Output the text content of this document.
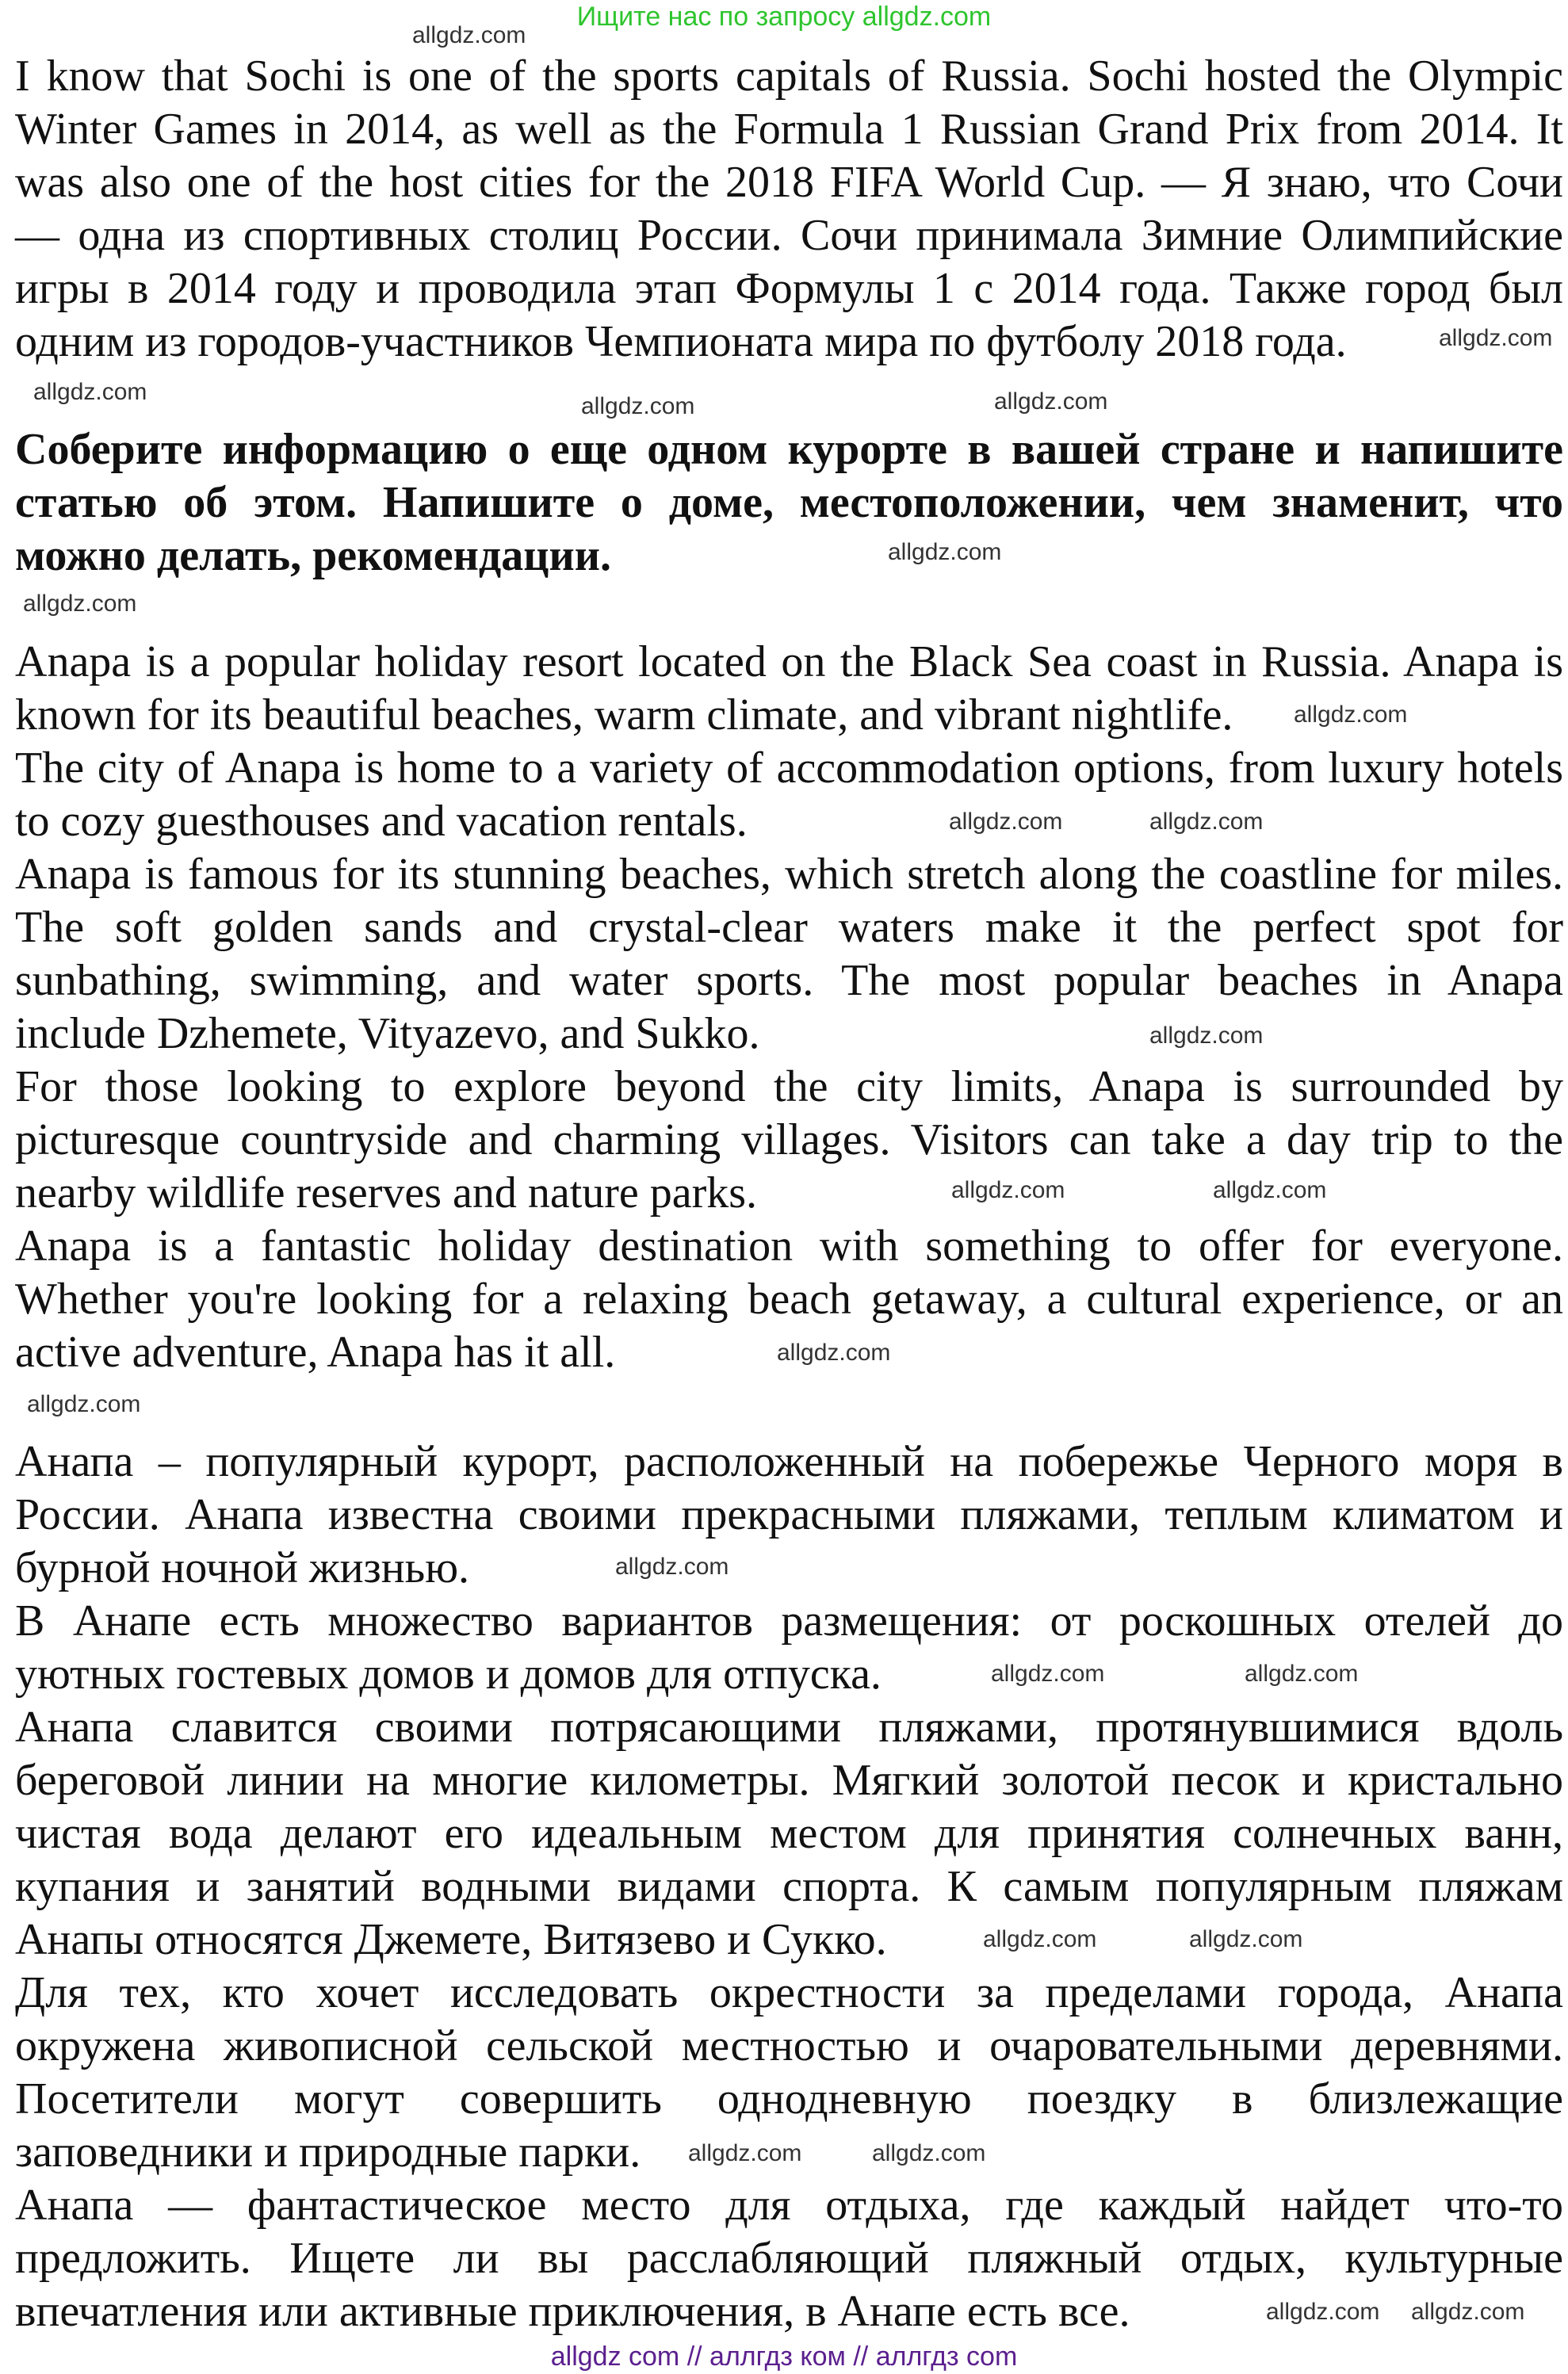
Ищите нас по запросу allgdz.com
I know that Sochi is one of the sports capitals of Russia. Sochi hosted the Olympic
Winter Games in 2014, as well as the Formula 1 Russian Grand Prix from 2014. It
was also one of the host cities for the 2018 FIFA World Cup. — Я знаю, что Сочи
— одна из спортивных столиц России. Сочи принимала Зимние Олимпийские
игры в 2014 году и проводила этап Формулы 1 с 2014 года. Также город был
одним из городов-участников Чемпионата мира по футболу 2018 года.
Соберите информацию о еще одном курорте в вашей стране и напишите
статью об этом. Напишите о доме, местоположении, чем знаменит, что
можно делать, рекомендации.
Anapa is a popular holiday resort located on the Black Sea coast in Russia. Anapa is
known for its beautiful beaches, warm climate, and vibrant nightlife.
The city of Anapa is home to a variety of accommodation options, from luxury hotels
to cozy guesthouses and vacation rentals.
Anapa is famous for its stunning beaches, which stretch along the coastline for miles.
The soft golden sands and crystal-clear waters make it the perfect spot for
sunbathing, swimming, and water sports. The most popular beaches in Anapa
include Dzhemete, Vityazevo, and Sukko.
For those looking to explore beyond the city limits, Anapa is surrounded by
picturesque countryside and charming villages. Visitors can take a day trip to the
nearby wildlife reserves and nature parks.
Anapa is a fantastic holiday destination with something to offer for everyone.
Whether you're looking for a relaxing beach getaway, a cultural experience, or an
active adventure, Anapa has it all.
Анапа – популярный курорт, расположенный на побережье Черного моря в
России. Анапа известна своими прекрасными пляжами, теплым климатом и
бурной ночной жизнью.
В Анапе есть множество вариантов размещения: от роскошных отелей до
уютных гостевых домов и домов для отпуска.
Анапа славится своими потрясающими пляжами, протянувшимися вдоль
береговой линии на многие километры. Мягкий золотой песок и кристально
чистая вода делают его идеальным местом для принятия солнечных ванн,
купания и занятий водными видами спорта. К самым популярным пляжам
Анапы относятся Джемете, Витязево и Сукко.
Для тех, кто хочет исследовать окрестности за пределами города, Анапа
окружена живописной сельской местностью и очаровательными деревнями.
Посетители могут совершить однодневную поездку в близлежащие
заповедники и природные парки.
Анапа — фантастическое место для отдыха, где каждый найдет что-то
предложить. Ищете ли вы расслабляющий пляжный отдых, культурные
впечатления или активные приключения, в Анапе есть все.
allgdz.com
allgdz.com
allgdz.com
allgdz.com
allgdz.com
allgdz.com
allgdz.com
allgdz.com
allgdz.com	allgdz.com
allgdz.com
allgdz.com	allgdz.com
allgdz.com
allgdz.com
allgdz.com
allgdz.com
allgdz.com
allgdz.com
allgdz.com
allgdz.com	allgdz.com
allgdz.com
allgdz.com
allgdz com // аллгдз ком // аллгдз com
